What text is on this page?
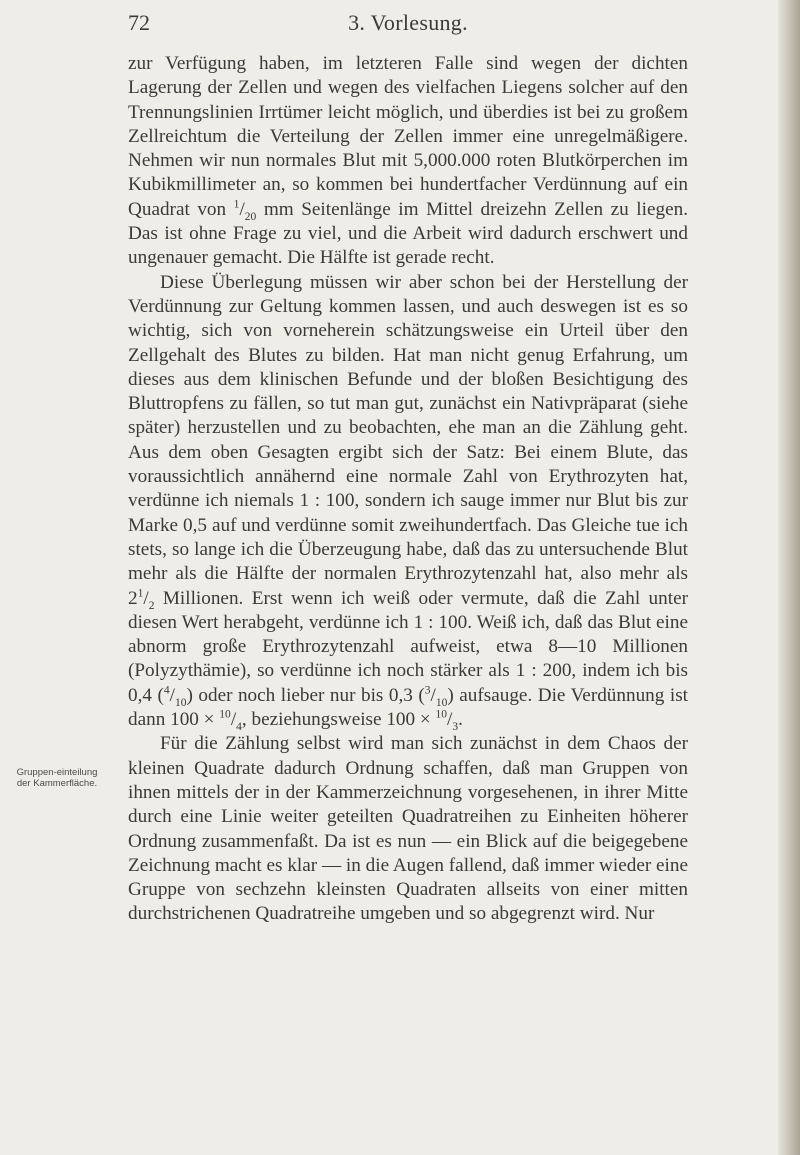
72	3. Vorlesung.
Gruppen-einteilung der Kammerfläche.

zur Verfügung haben, im letzteren Falle sind wegen der dichten Lagerung der Zellen und wegen des vielfachen Liegens solcher auf den Trennungslinien Irrtümer leicht möglich, und überdies ist bei zu großem Zellreichtum die Verteilung der Zellen immer eine unregelmäßigere. Nehmen wir nun normales Blut mit 5,000.000 roten Blutkörperchen im Kubikmillimeter an, so kommen bei hundertfacher Verdünnung auf ein Quadrat von $^1/_{20}$ mm Seitenlänge im Mittel dreizehn Zellen zu liegen. Das ist ohne Frage zu viel, und die Arbeit wird dadurch erschwert und ungenauer gemacht. Die Hälfte ist gerade recht.

Diese Überlegung müssen wir aber schon bei der Herstellung der Verdünnung zur Geltung kommen lassen, und auch deswegen ist es so wichtig, sich von vorneherein schätzungsweise ein Urteil über den Zellgehalt des Blutes zu bilden. Hat man nicht genug Erfahrung, um dieses aus dem klinischen Befunde und der bloßen Besichtigung des Bluttropfens zu fällen, so tut man gut, zunächst ein Nativpräparat (siehe später) herzustellen und zu beobachten, ehe man an die Zählung geht. Aus dem oben Gesagten ergibt sich der Satz: Bei einem Blute, das voraussichtlich annähernd eine normale Zahl von Erythrozyten hat, verdünne ich niemals 1 : 100, sondern ich sauge immer nur Blut bis zur Marke 0,5 auf und verdünne somit zweihundertfach. Das Gleiche tue ich stets, so lange ich die Überzeugung habe, daß das zu untersuchende Blut mehr als die Hälfte der normalen Erythrozytenzahl hat, also mehr als $2^1/_2$ Millionen. Erst wenn ich weiß oder vermute, daß die Zahl unter diesen Wert herabgeht, verdünne ich 1 : 100. Weiß ich, daß das Blut eine abnorm große Erythrozytenzahl aufweist, etwa 8—10 Millionen (Polyzythämie), so verdünne ich noch stärker als 1 : 200, indem ich bis 0,4 $(^4/_{10})$ oder noch lieber nur bis 0,3 $(^3/_{10})$ aufsauge. Die Verdünnung ist dann $100 \times ^{10}/_4$, beziehungsweise $100 \times ^{10}/_3$.

Für die Zählung selbst wird man sich zunächst in dem Chaos der kleinen Quadrate dadurch Ordnung schaffen, daß man Gruppen von ihnen mittels der in der Kammerzeichnung vorgesehenen, in ihrer Mitte durch eine Linie weiter geteilten Quadratreihen zu Einheiten höherer Ordnung zusammenfaßt. Da ist es nun — ein Blick auf die beigegebene Zeichnung macht es klar — in die Augen fallend, daß immer wieder eine Gruppe von sechzehn kleinsten Quadraten allseits von einer mitten durchstrichenen Quadratreihe umgeben und so abgegrenzt wird. Nur
